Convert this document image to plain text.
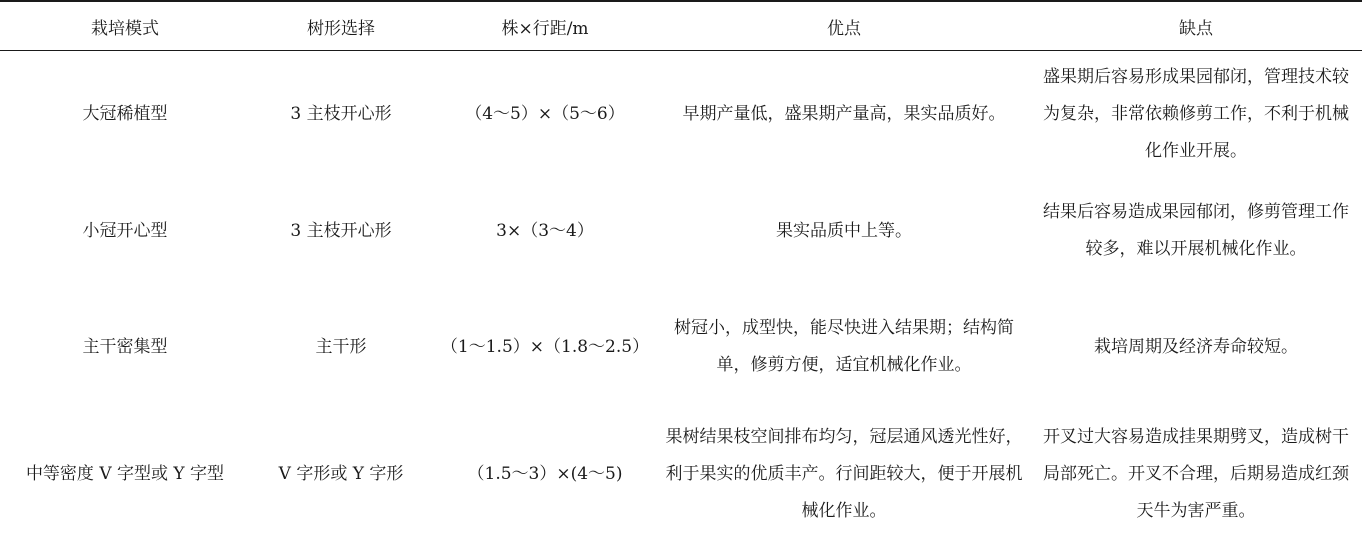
栽培模式	树形选择	株×行距/m	优点	缺点
大冠稀植型	3 主枝开心形	（4～5）×（5～6）	早期产量低，盛果期产量高，果实品质好。	盛果期后容易形成果园郁闭，管理技术较为复杂，非常依赖修剪工作，不利于机械化作业开展。
小冠开心型	3 主枝开心形	3×（3～4）	果实品质中上等。	结果后容易造成果园郁闭，修剪管理工作较多，难以开展机械化作业。
主干密集型	主干形	（1～1.5）×（1.8～2.5）	树冠小，成型快，能尽快进入结果期；结构简单，修剪方便，适宜机械化作业。	栽培周期及经济寿命较短。
中等密度 V 字型或 Y 字型	V 字形或 Y 字形	（1.5～3）×(4～5)	果树结果枝空间排布均匀，冠层通风透光性好，利于果实的优质丰产。行间距较大，便于开展机械化作业。	开叉过大容易造成挂果期劈叉，造成树干局部死亡。开叉不合理，后期易造成红颈天牛为害严重。
